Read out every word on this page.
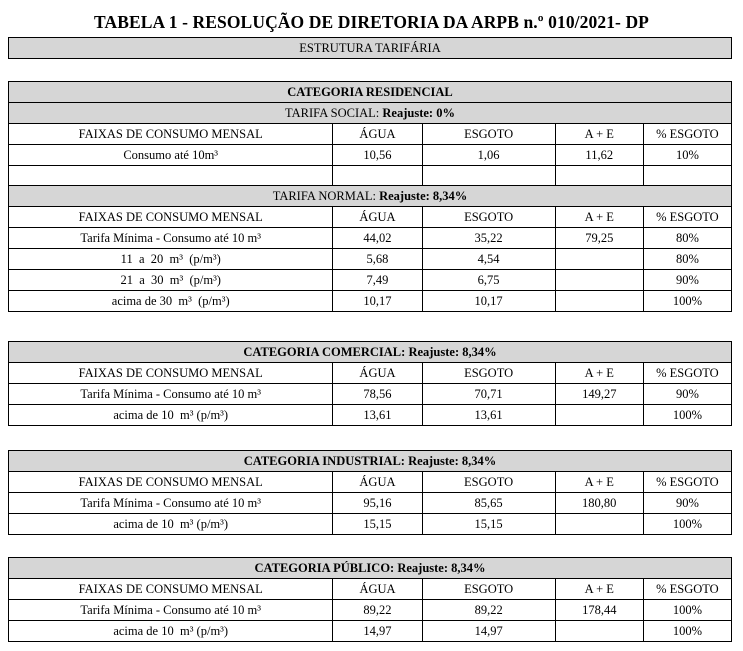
TABELA 1 - RESOLUÇÃO DE DIRETORIA DA ARPB n.º 010/2021- DP
ESTRUTURA TARIFÁRIA
CATEGORIA RESIDENCIAL				
TARIFA SOCIAL: Reajuste: 0%				
FAIXAS DE CONSUMO MENSAL	ÁGUA	ESGOTO	A + E	% ESGOTO
Consumo até 10m³	10,56	1,06	11,62	10%

TARIFA NORMAL: Reajuste: 8,34%				
FAIXAS DE CONSUMO MENSAL	ÁGUA	ESGOTO	A + E	% ESGOTO
Tarifa Mínima - Consumo até 10 m³	44,02	35,22	79,25	80%
11  a  20  m³  (p/m³)	5,68	4,54		80%
21  a  30  m³  (p/m³)	7,49	6,75		90%
acima de 30  m³  (p/m³)	10,17	10,17		100%
CATEGORIA COMERCIAL: Reajuste: 8,34%				
FAIXAS DE CONSUMO MENSAL	ÁGUA	ESGOTO	A + E	% ESGOTO
Tarifa Mínima - Consumo até 10 m³	78,56	70,71	149,27	90%
acima de 10  m³ (p/m³)	13,61	13,61		100%
CATEGORIA INDUSTRIAL: Reajuste: 8,34%				
FAIXAS DE CONSUMO MENSAL	ÁGUA	ESGOTO	A + E	% ESGOTO
Tarifa Mínima - Consumo até 10 m³	95,16	85,65	180,80	90%
acima de 10  m³ (p/m³)	15,15	15,15		100%
CATEGORIA PÚBLICO: Reajuste: 8,34%				
FAIXAS DE CONSUMO MENSAL	ÁGUA	ESGOTO	A + E	% ESGOTO
Tarifa Mínima - Consumo até 10 m³	89,22	89,22	178,44	100%
acima de 10  m³ (p/m³)	14,97	14,97		100%
